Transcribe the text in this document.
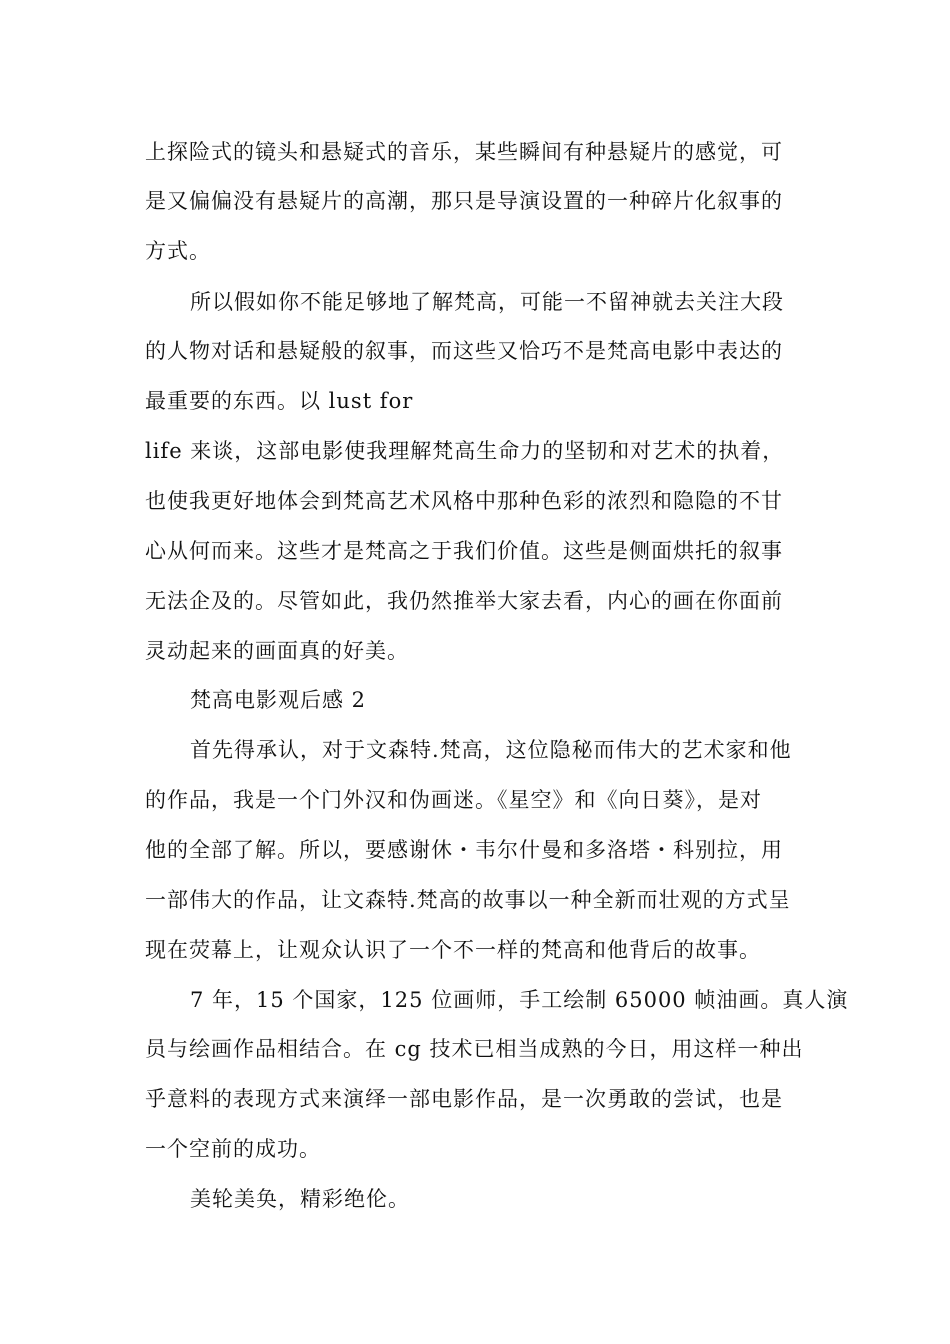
上探险式的镜头和悬疑式的音乐，某些瞬间有种悬疑片的感觉，可
是又偏偏没有悬疑片的高潮，那只是导演设置的一种碎片化叙事的
方式。
所以假如你不能足够地了解梵高，可能一不留神就去关注大段
的人物对话和悬疑般的叙事，而这些又恰巧不是梵高电影中表达的
最重要的东西。以 lust for
life 来谈，这部电影使我理解梵高生命力的坚韧和对艺术的执着，
也使我更好地体会到梵高艺术风格中那种色彩的浓烈和隐隐的不甘
心从何而来。这些才是梵高之于我们价值。这些是侧面烘托的叙事
无法企及的。尽管如此，我仍然推举大家去看，内心的画在你面前
灵动起来的画面真的好美。
梵高电影观后感 2
首先得承认，对于文森特.梵高，这位隐秘而伟大的艺术家和他
的作品，我是一个门外汉和伪画迷。《星空》和《向日葵》，是对
他的全部了解。所以，要感谢休・韦尔什曼和多洛塔・科别拉，用
一部伟大的作品，让文森特.梵高的故事以一种全新而壮观的方式呈
现在荧幕上，让观众认识了一个不一样的梵高和他背后的故事。
7 年，15 个国家，125 位画师，手工绘制 65000 帧油画。真人演
员与绘画作品相结合。在 cg 技术已相当成熟的今日，用这样一种出
乎意料的表现方式来演绎一部电影作品，是一次勇敢的尝试，也是
一个空前的成功。
美轮美奂，精彩绝伦。
